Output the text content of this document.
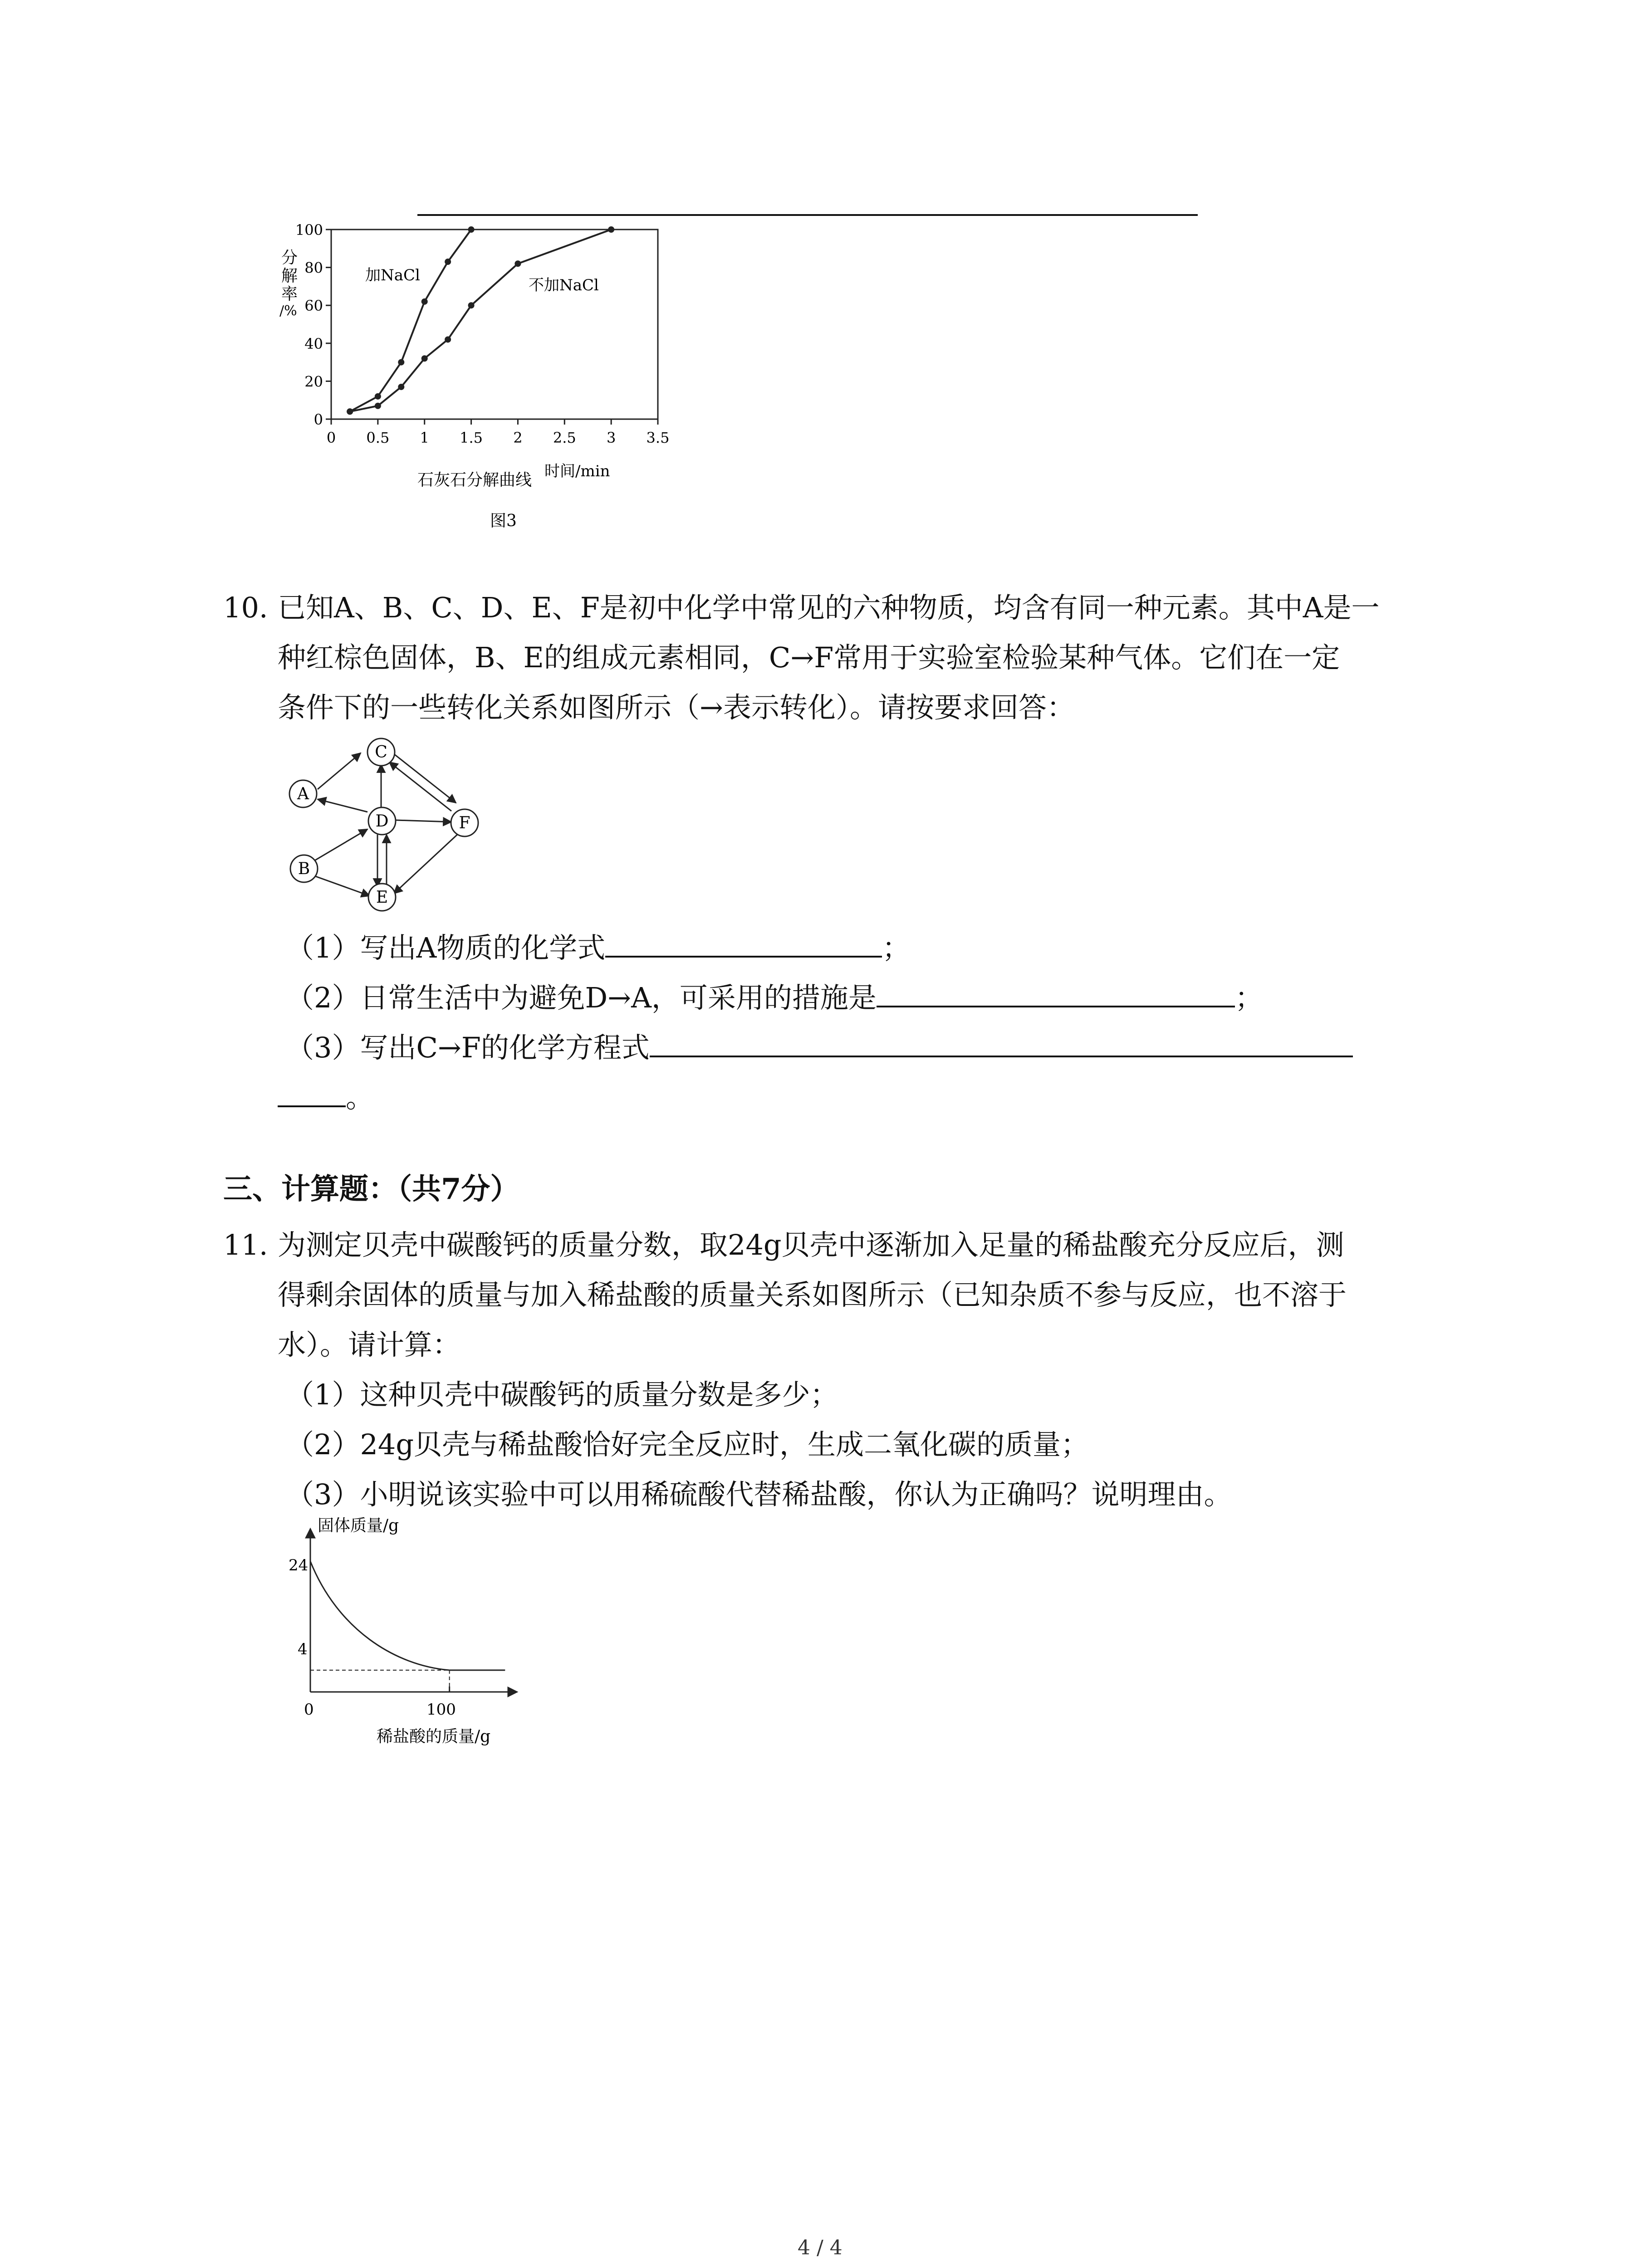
分
解
率
/%
0
20
40
60
80
100
0 0.5 1 1.5 2 2.5 3 3.5
加NaCl
不加NaCl
石灰石分解曲线 时间/min
图3
10. 已知A、B、C、D、E、F是初中化学中常见的六种物质，均含有同一种元素。其中A是一
种红棕色固体，B、E的组成元素相同，C→F常用于实验室检验某种气体。它们在一定
条件下的一些转化关系如图所示（→表示转化）。请按要求回答：
C
A
D	F
B
E
（1）写出A物质的化学式	；
（2）日常生活中为避免D→A，可采用的措施是	；
（3）写出C→F的化学方程式
。
三、计算题：（共7分）
11. 为测定贝壳中碳酸钙的质量分数，取24g贝壳中逐渐加入足量的稀盐酸充分反应后，测
得剩余固体的质量与加入稀盐酸的质量关系如图所示（已知杂质不参与反应，也不溶于
水）。请计算：
（1）这种贝壳中碳酸钙的质量分数是多少；
（2）24g贝壳与稀盐酸恰好完全反应时，生成二氧化碳的质量；
（3）小明说该实验中可以用稀硫酸代替稀盐酸，你认为正确吗？说明理由。
固体质量/g
0
24
4
100
稀盐酸的质量/g
4 / 4
